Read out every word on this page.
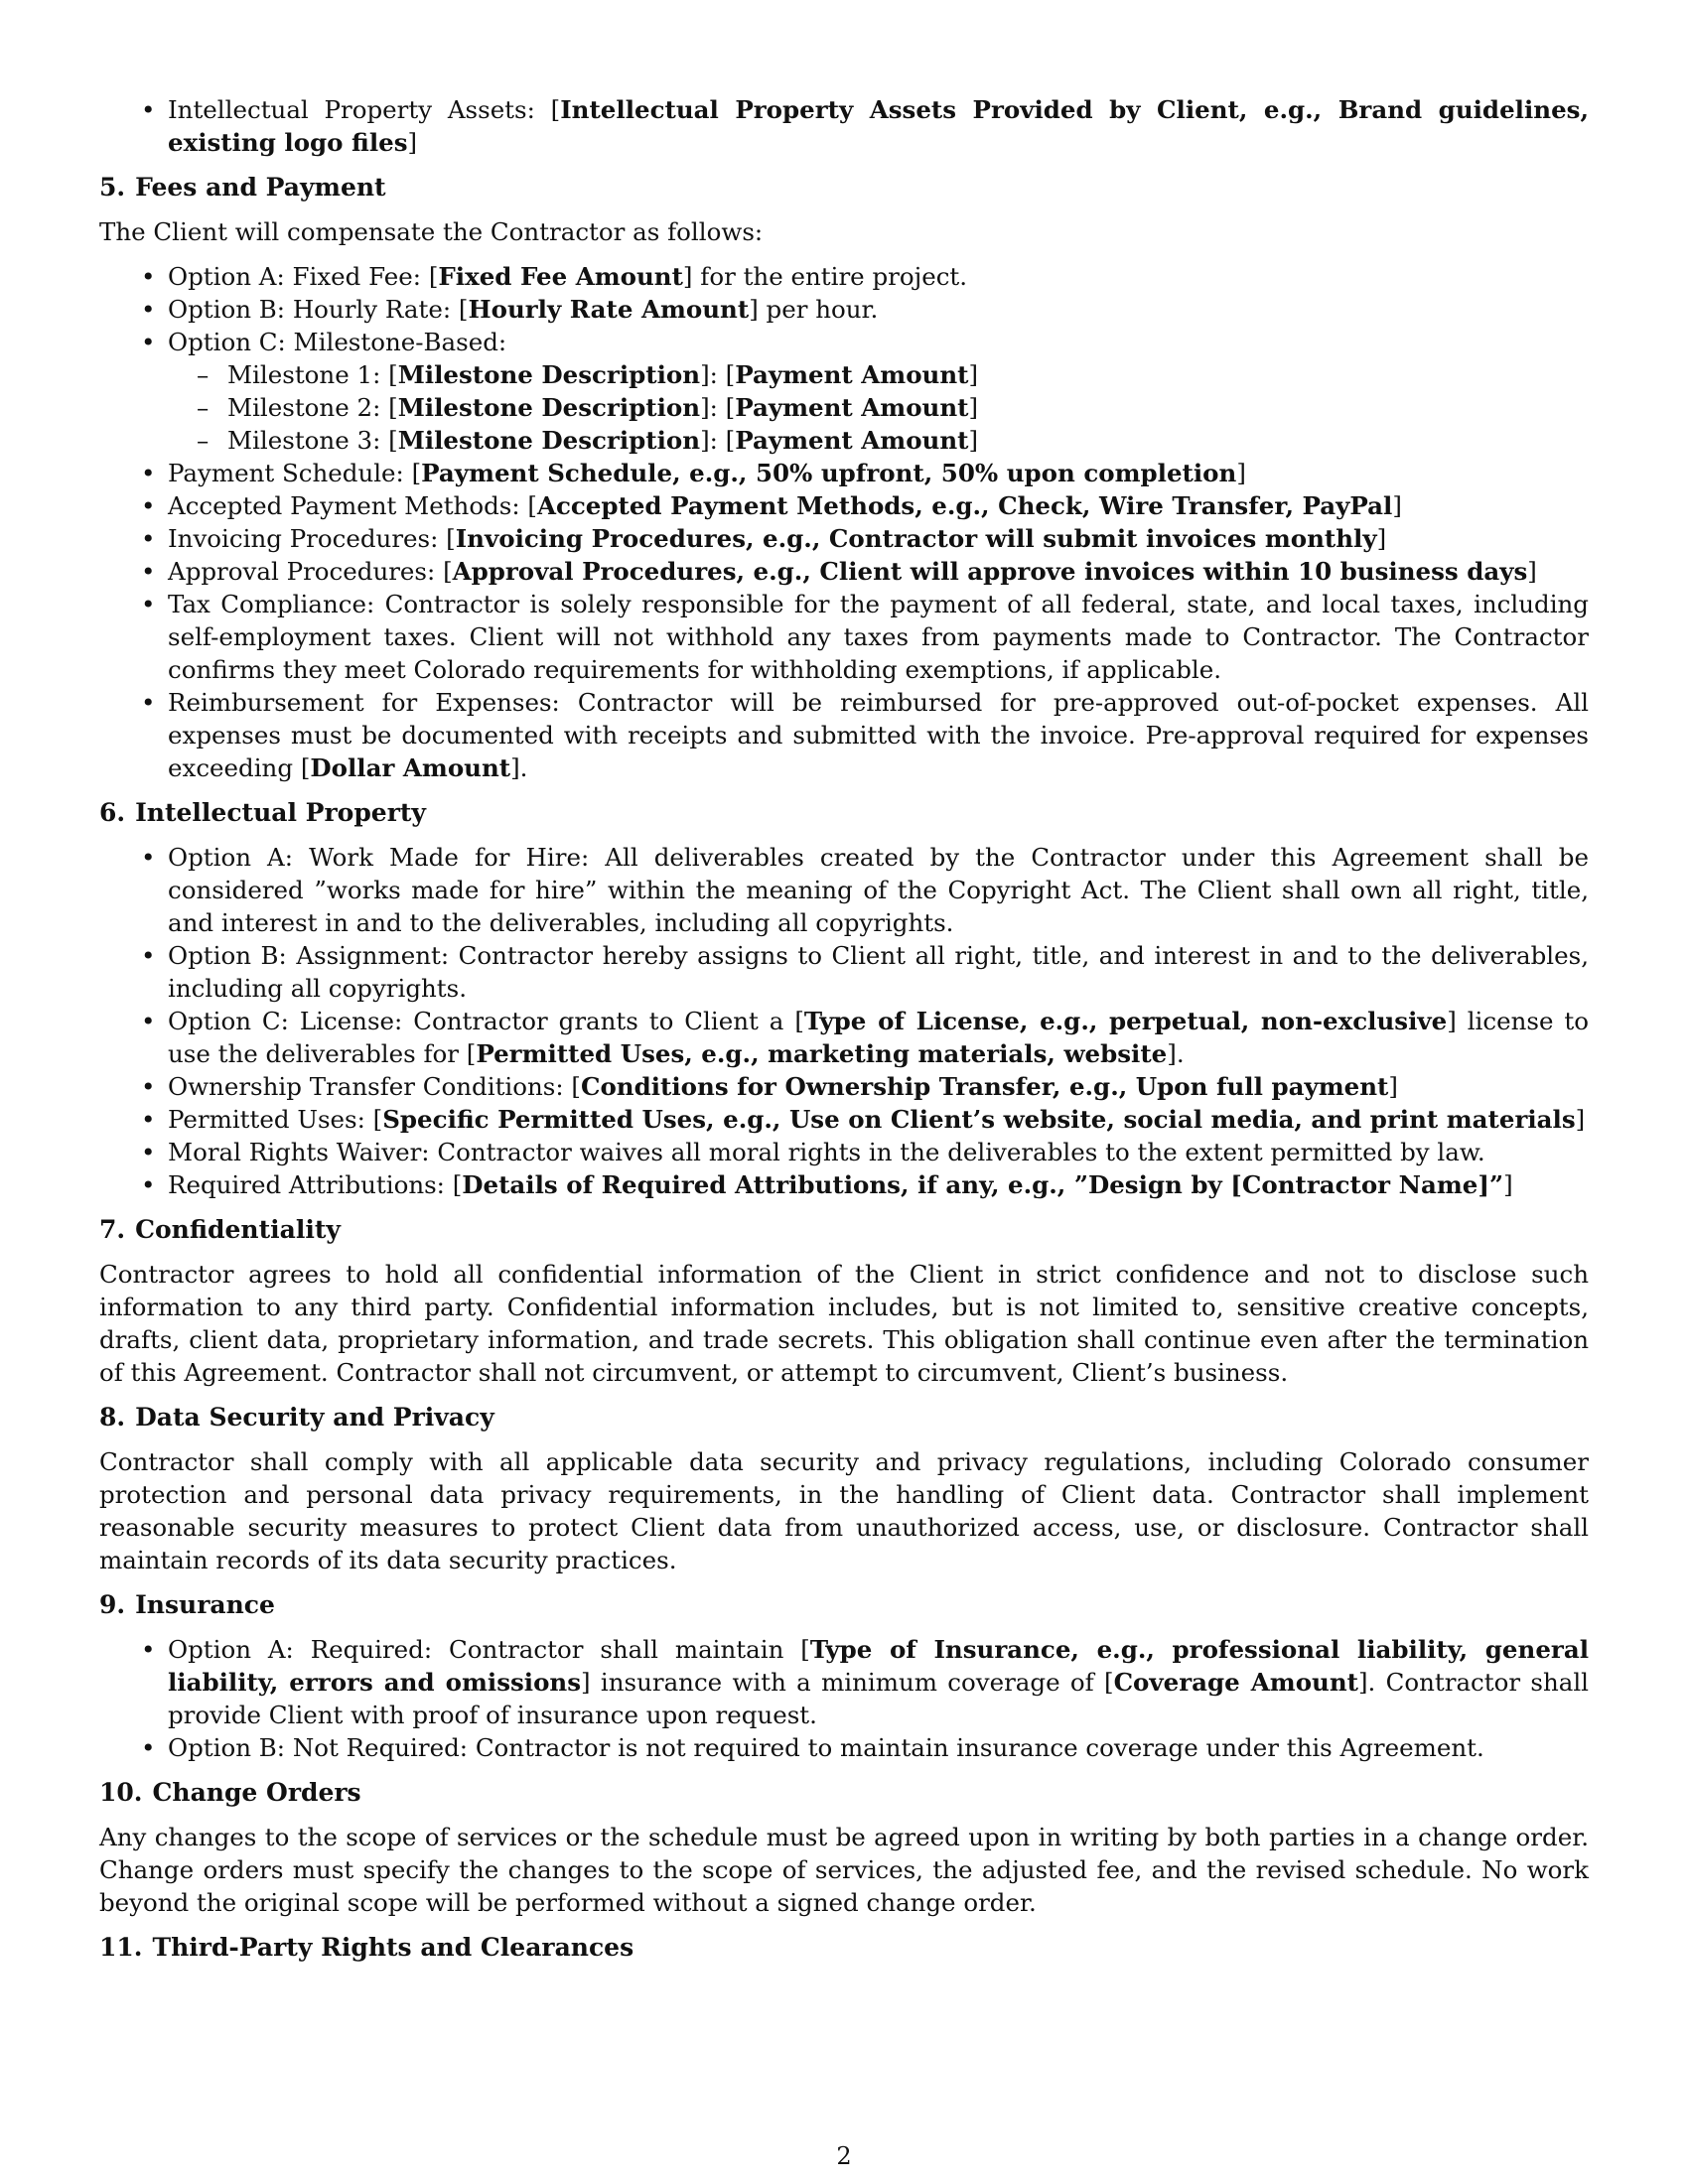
• Intellectual Property Assets: [Intellectual Property Assets Provided by Client, e.g., Brand guidelines, existing logo files]
5. Fees and Payment

The Client will compensate the Contractor as follows:

• Option A: Fixed Fee: [Fixed Fee Amount] for the entire project.
• Option B: Hourly Rate: [Hourly Rate Amount] per hour.
• Option C: Milestone-Based:
– Milestone 1: [Milestone Description]: [Payment Amount]
– Milestone 2: [Milestone Description]: [Payment Amount]
– Milestone 3: [Milestone Description]: [Payment Amount]
• Payment Schedule: [Payment Schedule, e.g., 50% upfront, 50% upon completion]
• Accepted Payment Methods: [Accepted Payment Methods, e.g., Check, Wire Transfer, PayPal]
• Invoicing Procedures: [Invoicing Procedures, e.g., Contractor will submit invoices monthly]
• Approval Procedures: [Approval Procedures, e.g., Client will approve invoices within 10 business days]
• Tax Compliance: Contractor is solely responsible for the payment of all federal, state, and local taxes, including self-employment taxes. Client will not withhold any taxes from payments made to Contractor. The Contractor confirms they meet Colorado requirements for withholding exemptions, if applicable.
• Reimbursement for Expenses: Contractor will be reimbursed for pre-approved out-of-pocket expenses. All expenses must be documented with receipts and submitted with the invoice. Pre-approval required for expenses exceeding [Dollar Amount].
6. Intellectual Property
• Option A: Work Made for Hire: All deliverables created by the Contractor under this Agreement shall be considered ”works made for hire” within the meaning of the Copyright Act. The Client shall own all right, title, and interest in and to the deliverables, including all copyrights.
• Option B: Assignment: Contractor hereby assigns to Client all right, title, and interest in and to the deliverables, including all copyrights.
• Option C: License: Contractor grants to Client a [Type of License, e.g., perpetual, non-exclusive] license to use the deliverables for [Permitted Uses, e.g., marketing materials, website].
• Ownership Transfer Conditions: [Conditions for Ownership Transfer, e.g., Upon full payment]
• Permitted Uses: [Specific Permitted Uses, e.g., Use on Client’s website, social media, and print materials]
• Moral Rights Waiver: Contractor waives all moral rights in the deliverables to the extent permitted by law.
• Required Attributions: [Details of Required Attributions, if any, e.g., ”Design by [Contractor Name]”]
7. Confidentiality

Contractor agrees to hold all confidential information of the Client in strict confidence and not to disclose such information to any third party. Confidential information includes, but is not limited to, sensitive creative concepts, drafts, client data, proprietary information, and trade secrets. This obligation shall continue even after the termination of this Agreement. Contractor shall not circumvent, or attempt to circumvent, Client’s business.

8. Data Security and Privacy

Contractor shall comply with all applicable data security and privacy regulations, including Colorado consumer protection and personal data privacy requirements, in the handling of Client data. Contractor shall implement reasonable security measures to protect Client data from unauthorized access, use, or disclosure. Contractor shall maintain records of its data security practices.

9. Insurance
• Option A: Required: Contractor shall maintain [Type of Insurance, e.g., professional liability, general liability, errors and omissions] insurance with a minimum coverage of [Coverage Amount]. Contractor shall provide Client with proof of insurance upon request.
• Option B: Not Required: Contractor is not required to maintain insurance coverage under this Agreement.
10. Change Orders

Any changes to the scope of services or the schedule must be agreed upon in writing by both parties in a change order. Change orders must specify the changes to the scope of services, the adjusted fee, and the revised schedule. No work beyond the original scope will be performed without a signed change order.

11. Third-Party Rights and Clearances
2
